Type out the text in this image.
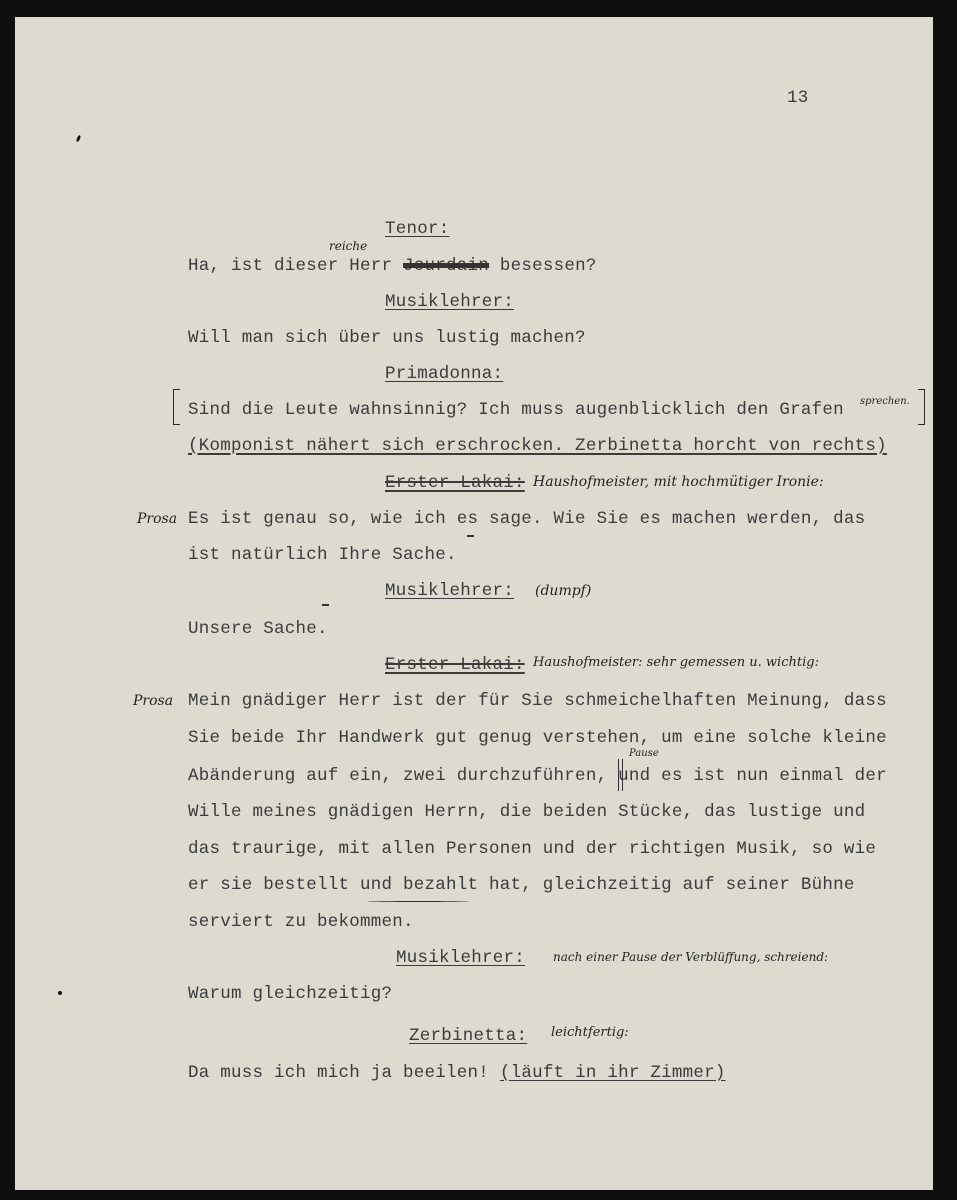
13
Tenor:
reiche
Ha, ist dieser Herr Jourdain besessen?
Musiklehrer:
Will man sich über uns lustig machen?
Primadonna:
Sind die Leute wahnsinnig? Ich muss augenblicklich den Grafen sprechen.
(Komponist nähert sich erschrocken. Zerbinetta horcht von rechts)
Erster Lakai: Haushofmeister, mit hochmütiger Ironie:
Prosa Es ist genau so, wie ich es sage. Wie Sie es machen werden, das
ist natürlich Ihre Sache.
Musiklehrer: (dumpf)
Unsere Sache.
Erster Lakai: Haushofmeister: sehr gemessen u. wichtig:
Prosa Mein gnädiger Herr ist der für Sie schmeichelhaften Meinung, dass
Sie beide Ihr Handwerk gut genug verstehen, um eine solche kleine
Pause
Abänderung auf ein, zwei durchzuführen, und es ist nun einmal der
Wille meines gnädigen Herrn, die beiden Stücke, das lustige und
das traurige, mit allen Personen und der richtigen Musik, so wie
er sie bestellt und bezahlt hat, gleichzeitig auf seiner Bühne
serviert zu bekommen.
Musiklehrer: nach einer Pause der Verblüffung, schreiend:
Warum gleichzeitig?
Zerbinetta: leichtfertig:
Da muss ich mich ja beeilen! (läuft in ihr Zimmer)
